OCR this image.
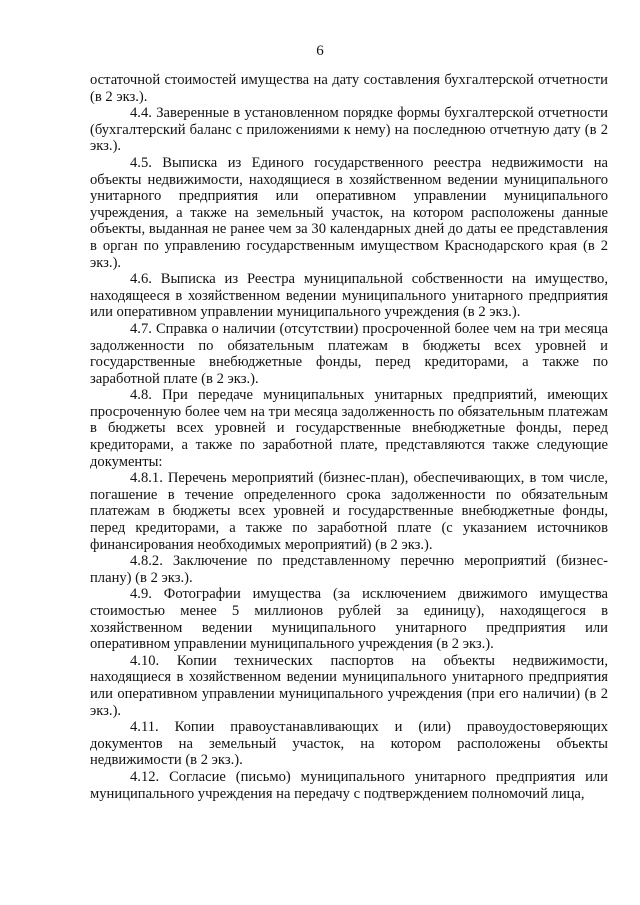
6

остаточной стоимостей имущества на дату составления бухгалтерской отчетности (в 2 экз.).

4.4. Заверенные в установленном порядке формы бухгалтерской отчетности (бухгалтерский баланс с приложениями к нему) на последнюю отчетную дату (в 2 экз.).

4.5. Выписка из Единого государственного реестра недвижимости на объекты недвижимости, находящиеся в хозяйственном ведении муниципального унитарного предприятия или оперативном управлении муниципального учреждения, а также на земельный участок, на котором расположены данные объекты, выданная не ранее чем за 30 календарных дней до даты ее представления в орган по управлению государственным имуществом Краснодарского края (в 2 экз.).

4.6. Выписка из Реестра муниципальной собственности на имущество, находящееся в хозяйственном ведении муниципального унитарного предприятия или оперативном управлении муниципального учреждения (в 2 экз.).

4.7. Справка о наличии (отсутствии) просроченной более чем на три месяца задолженности по обязательным платежам в бюджеты всех уровней и государственные внебюджетные фонды, перед кредиторами, а также по заработной плате (в 2 экз.).

4.8. При передаче муниципальных унитарных предприятий, имеющих просроченную более чем на три месяца задолженность по обязательным платежам в бюджеты всех уровней и государственные внебюджетные фонды, перед кредиторами, а также по заработной плате, представляются также следующие документы:

4.8.1. Перечень мероприятий (бизнес-план), обеспечивающих, в том числе, погашение в течение определенного срока задолженности по обязательным платежам в бюджеты всех уровней и государственные внебюджетные фонды, перед кредиторами, а также по заработной плате (с указанием источников финансирования необходимых мероприятий) (в 2 экз.).

4.8.2. Заключение по представленному перечню мероприятий (бизнес-плану) (в 2 экз.).

4.9. Фотографии имущества (за исключением движимого имущества стоимостью менее 5 миллионов рублей за единицу), находящегося в хозяйственном ведении муниципального унитарного предприятия или оперативном управлении муниципального учреждения (в 2 экз.).

4.10. Копии технических паспортов на объекты недвижимости, находящиеся в хозяйственном ведении муниципального унитарного предприятия или оперативном управлении муниципального учреждения (при его наличии) (в 2 экз.).

4.11. Копии правоустанавливающих и (или) правоудостоверяющих документов на земельный участок, на котором расположены объекты недвижимости (в 2 экз.).

4.12. Согласие (письмо) муниципального унитарного предприятия или муниципального учреждения на передачу с подтверждением полномочий лица,
